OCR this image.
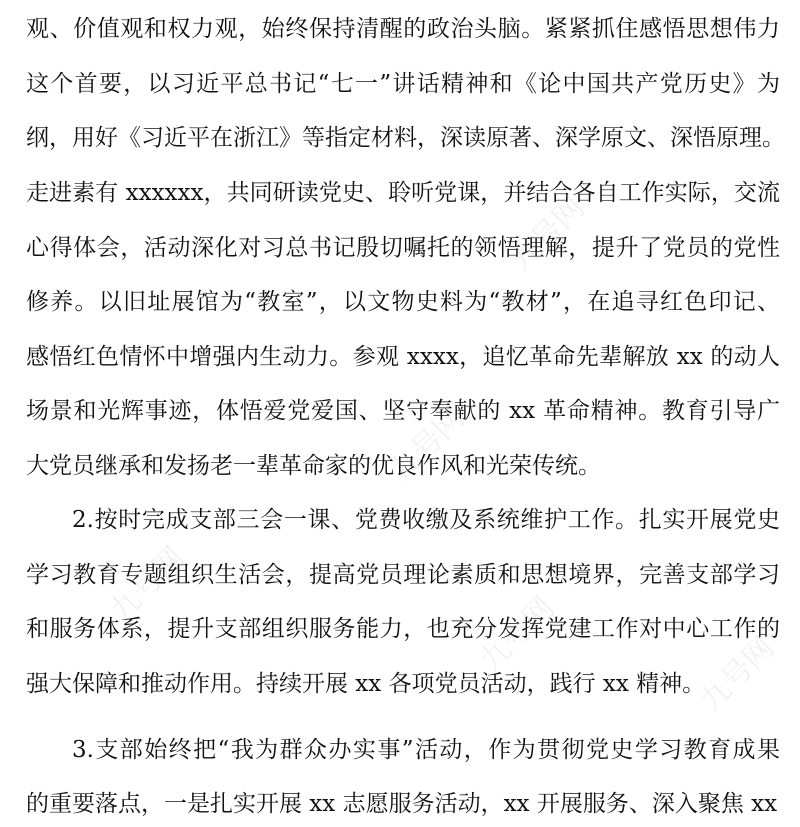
观、价值观和权力观，始终保持清醒的政治头脑。紧紧抓住感悟思想伟力
这个首要，以习近平总书记“七一”讲话精神和《论中国共产党历史》为
纲，用好《习近平在浙江》等指定材料，深读原著、深学原文、深悟原理。
走进素有 xxxxxx，共同研读党史、聆听党课，并结合各自工作实际，交流
心得体会，活动深化对习总书记殷切嘱托的领悟理解，提升了党员的党性
修养。以旧址展馆为“教室”，以文物史料为“教材”，在追寻红色印记、
感悟红色情怀中增强内生动力。参观 xxxx，追忆革命先辈解放 xx 的动人
场景和光辉事迹，体悟爱党爱国、坚守奉献的 xx 革命精神。教育引导广
大党员继承和发扬老一辈革命家的优良作风和光荣传统。
2.按时完成支部三会一课、党费收缴及系统维护工作。扎实开展党史
学习教育专题组织生活会，提高党员理论素质和思想境界，完善支部学习
和服务体系，提升支部组织服务能力，也充分发挥党建工作对中心工作的
强大保障和推动作用。持续开展 xx 各项党员活动，践行 xx 精神。
3.支部始终把“我为群众办实事”活动，作为贯彻党史学习教育成果
的重要落点，一是扎实开展 xx 志愿服务活动，xx 开展服务、深入聚焦 xx
九号网
九号网
九号网
九号网	九号网
